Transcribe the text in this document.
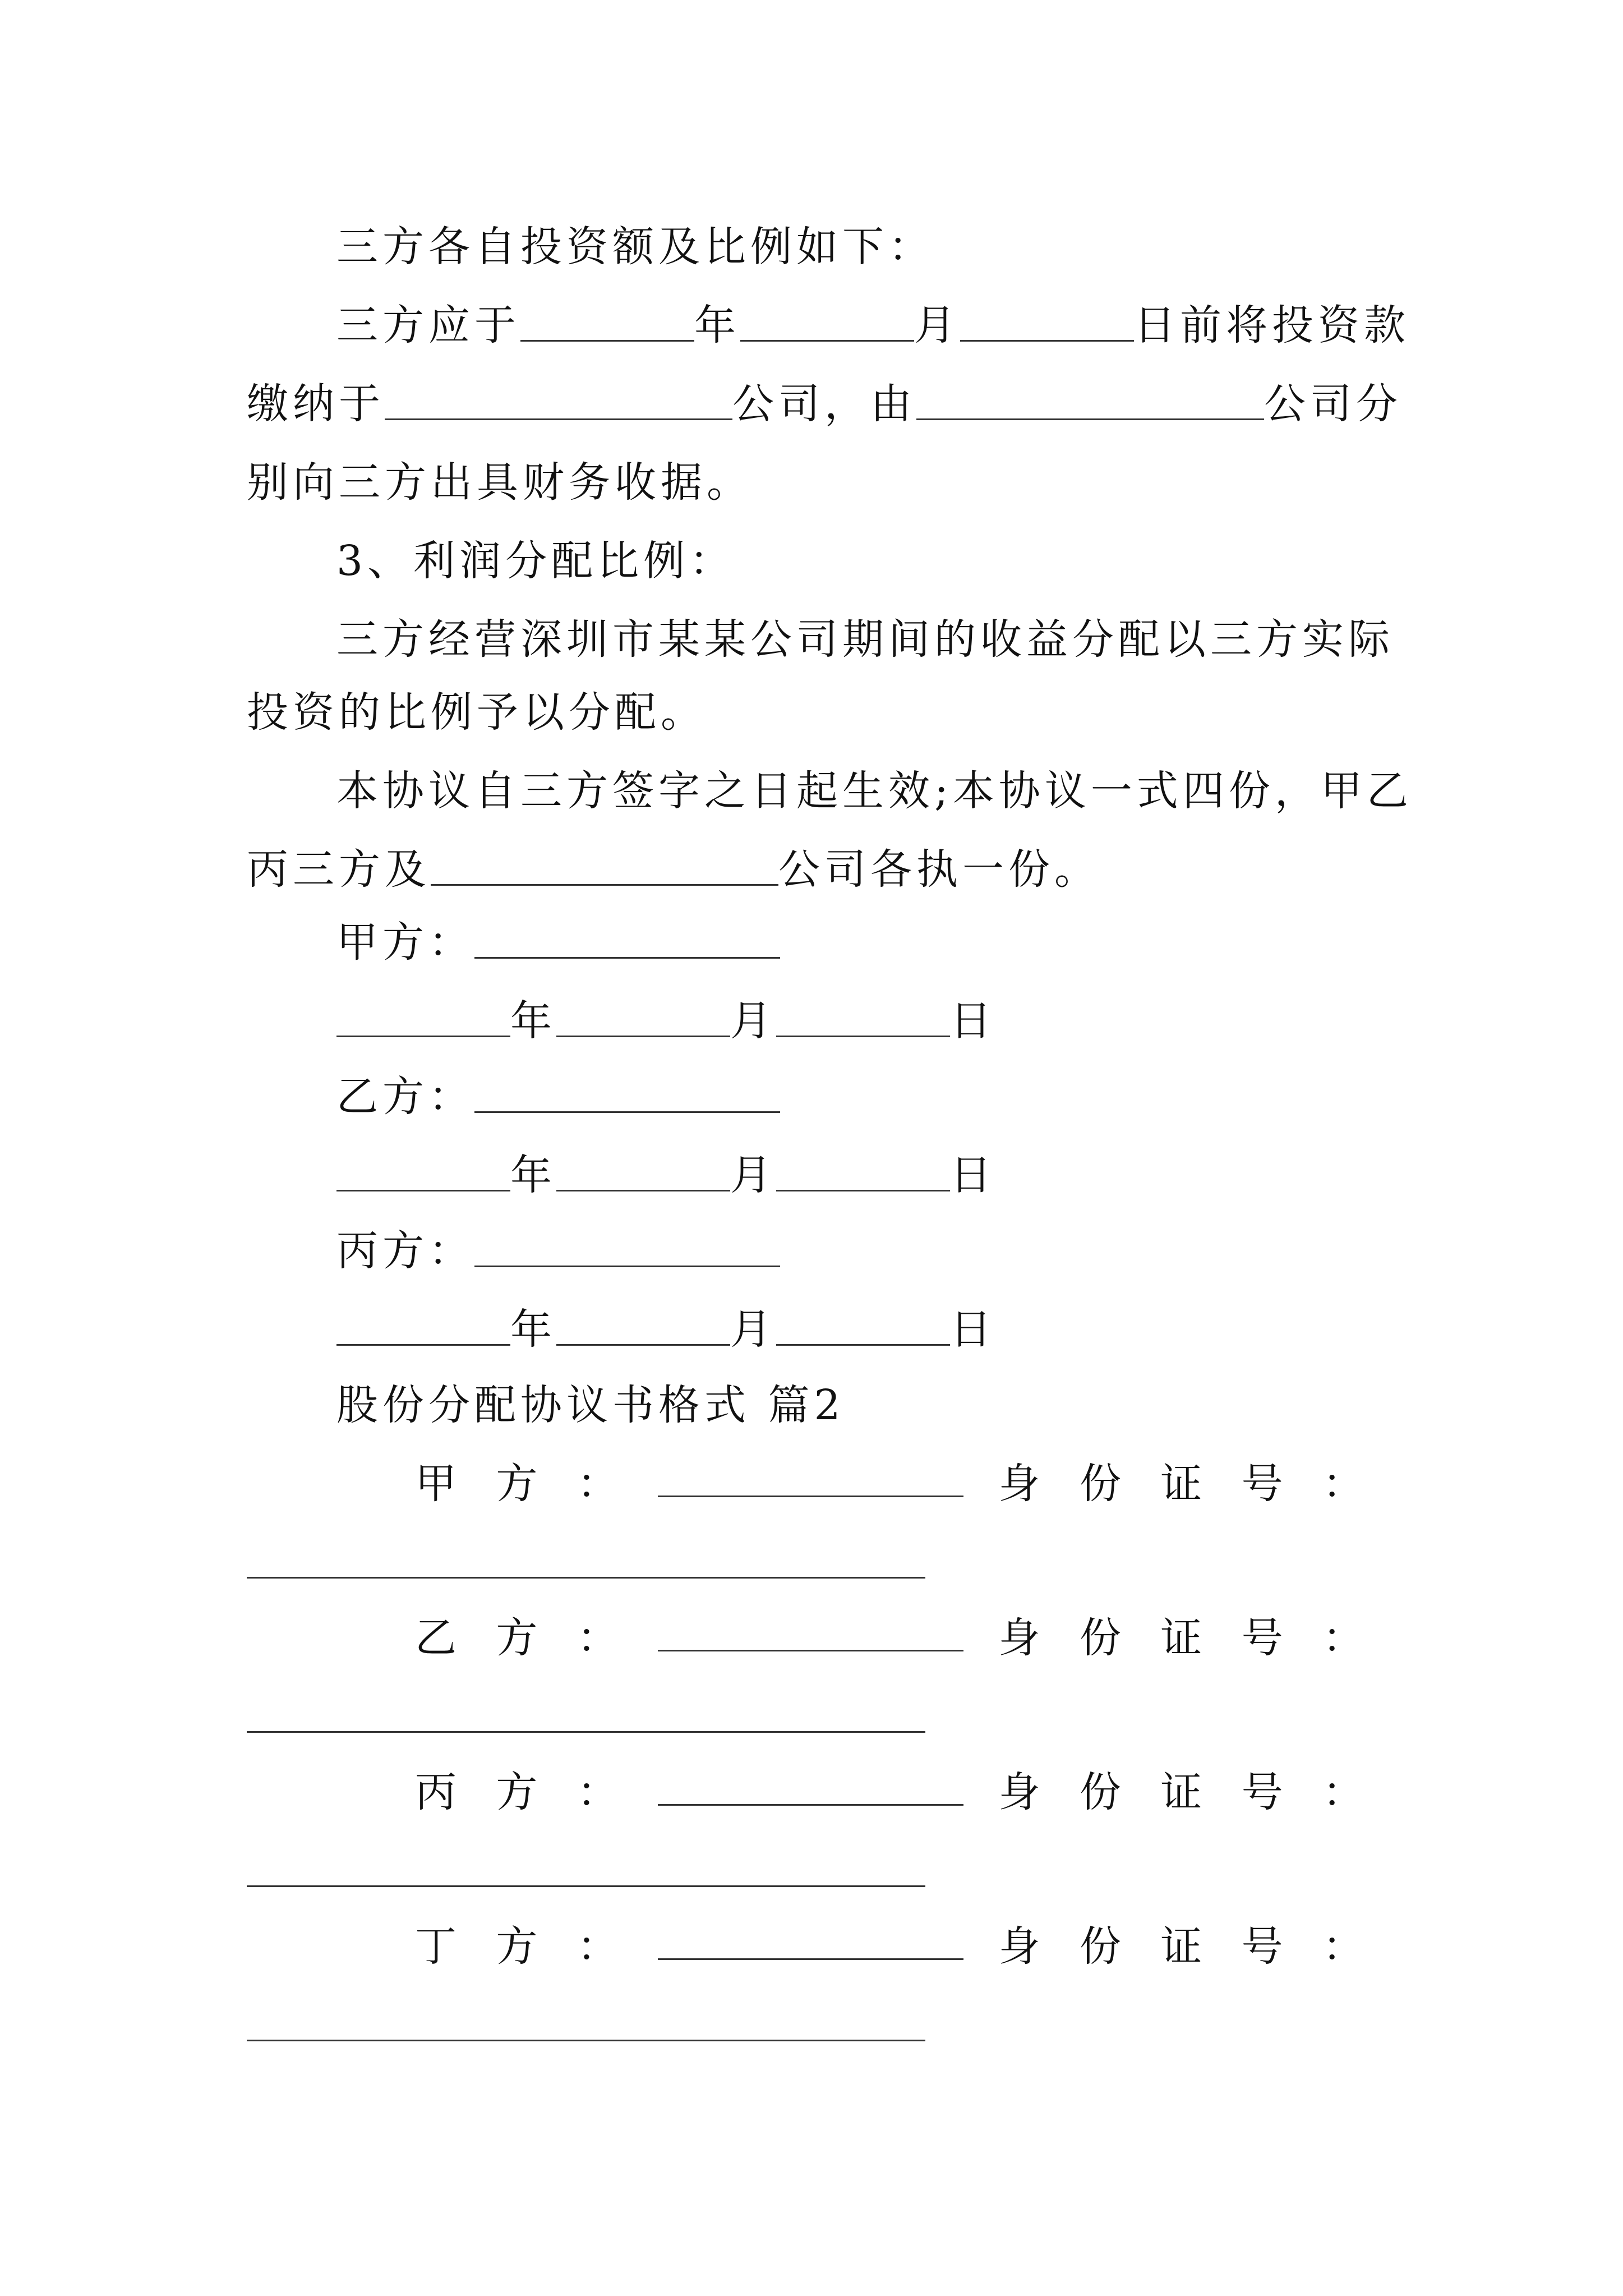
三方各自投资额及比例如下：
三方应于	年	月	日前将投资款
缴纳于	公司，由	公司分
别向三方出具财务收据。
3、利润分配比例：
三方经营深圳市某某公司期间的收益分配以三方实际
投资的比例予以分配。
本协议自三方签字之日起生效;本协议一式四份，甲乙
丙三方及	公司各执一份。
甲方：
年	月	日
乙方：
年	月	日
丙方：
年	月	日
股份分配协议书格式 篇2
甲 方 ：	身 份 证 号 ：
乙 方 ：	身 份 证 号 ：
丙 方 ：	身 份 证 号 ：
丁 方 ：	身 份 证 号 ：
